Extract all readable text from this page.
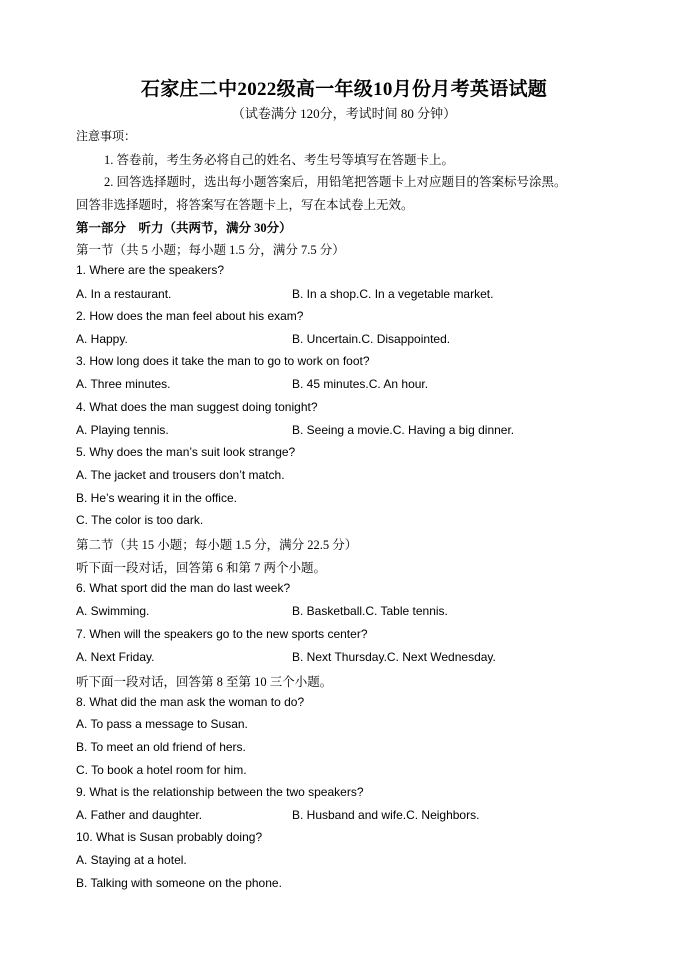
石家庄二中2022级高一年级10月份月考英语试题
（试卷满分 120分，考试时间 80 分钟）
注意事项：
1. 答卷前，考生务必将自己的姓名、考生号等填写在答题卡上。
2. 回答选择题时，选出每小题答案后，用铅笔把答题卡上对应题目的答案标号涂黑。
回答非选择题时，将答案写在答题卡上，写在本试卷上无效。
第一部分　听力（共两节，满分 30分）
第一节（共 5 小题；每小题 1.5 分，满分 7.5 分）
1. Where are the speakers?
A. In a restaurant.	B. In a shop.C. In a vegetable market.
2. How does the man feel about his exam?
A. Happy.	B. Uncertain.C. Disappointed.
3. How long does it take the man to go to work on foot?
A. Three minutes.	B. 45 minutes.C. An hour.
4. What does the man suggest doing tonight?
A. Playing tennis.	B. Seeing a movie.C. Having a big dinner.
5. Why does the man’s suit look strange?
A. The jacket and trousers don’t match.
B. He’s wearing it in the office.
C. The color is too dark.
第二节（共 15 小题；每小题 1.5 分，满分 22.5 分）
听下面一段对话，回答第 6 和第 7 两个小题。
6. What sport did the man do last week?
A. Swimming.	B. Basketball.C. Table tennis.
7. When will the speakers go to the new sports center?
A. Next Friday.	B. Next Thursday.C. Next Wednesday.
听下面一段对话，回答第 8 至第 10 三个小题。
8. What did the man ask the woman to do?
A. To pass a message to Susan.
B. To meet an old friend of hers.
C. To book a hotel room for him.
9. What is the relationship between the two speakers?
A. Father and daughter.	B. Husband and wife.C. Neighbors.
10. What is Susan probably doing?
A. Staying at a hotel.
B. Talking with someone on the phone.
